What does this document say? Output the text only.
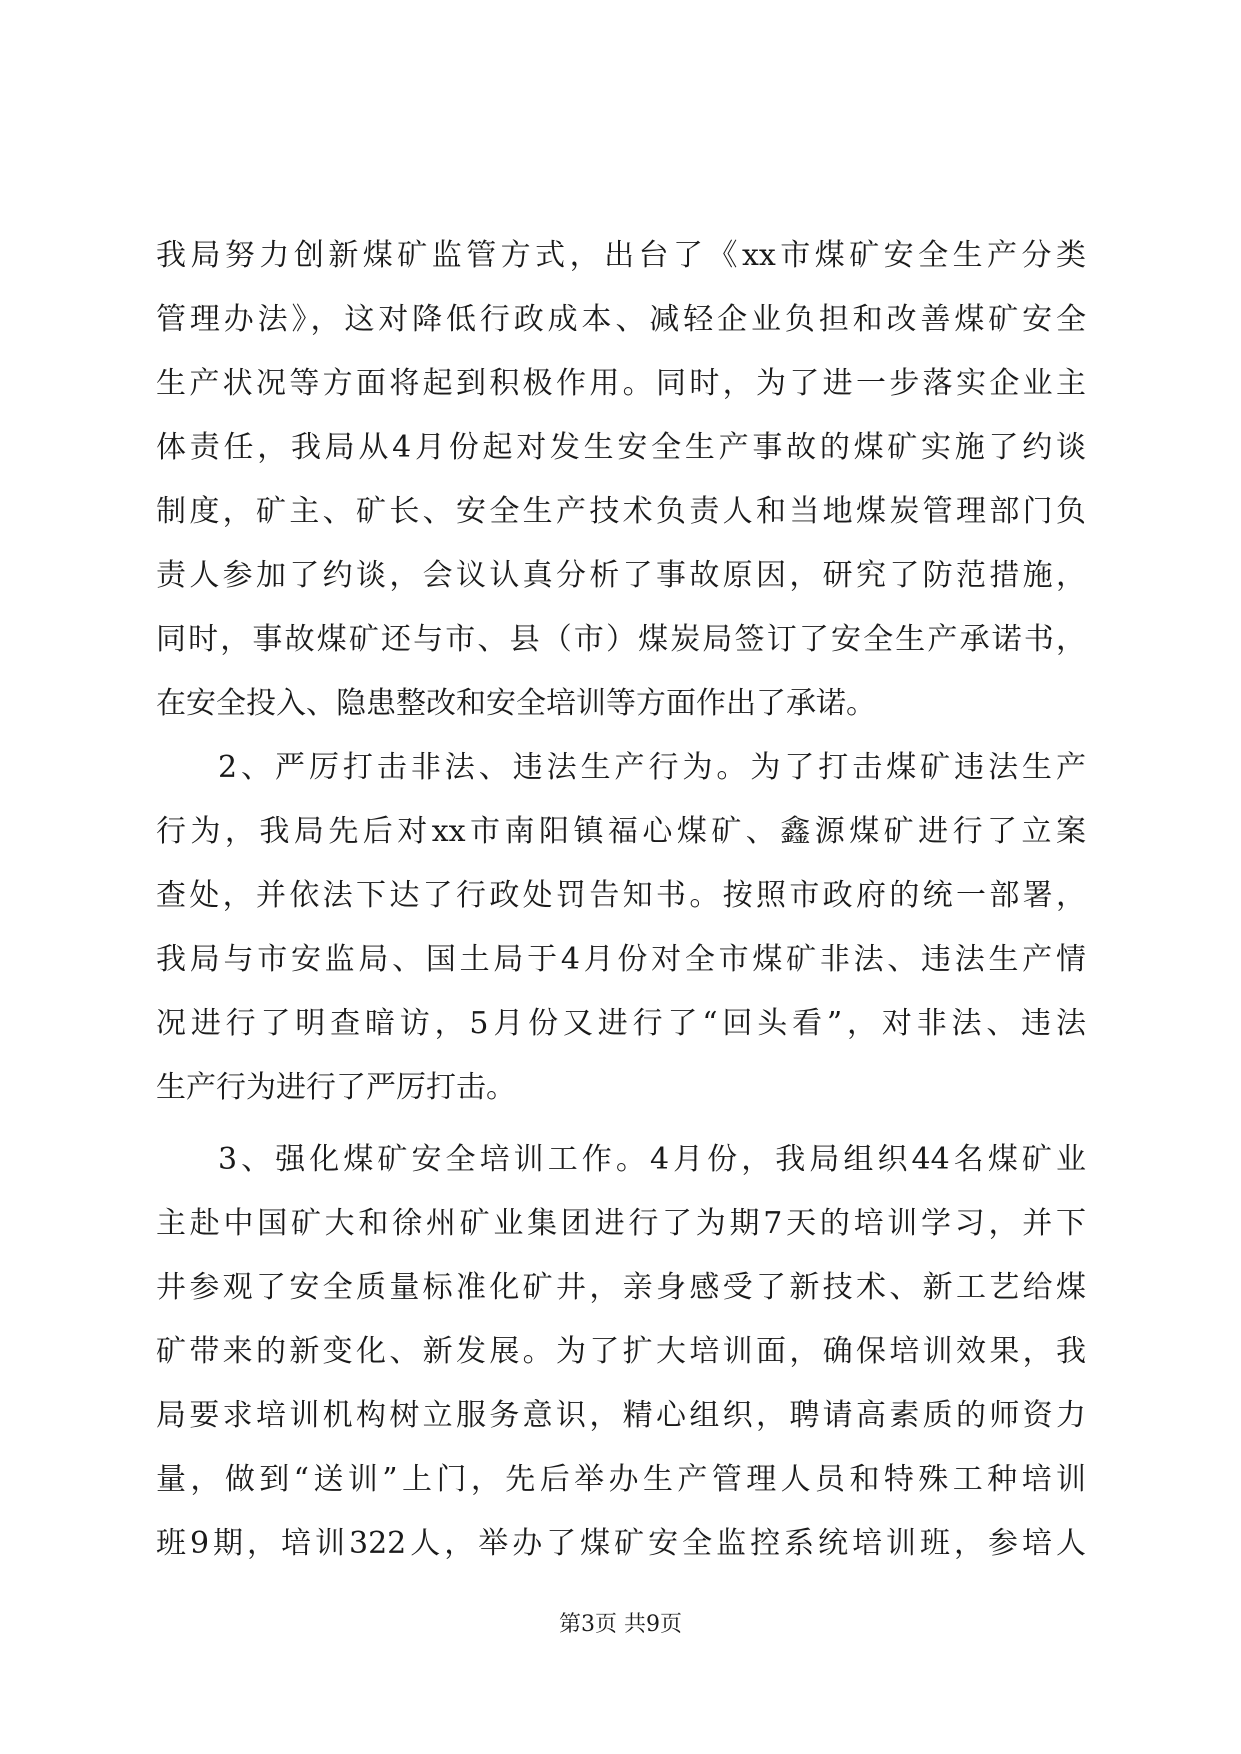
我局努力创新煤矿监管方式，出台了《xx市煤矿安全生产分类
管理办法》，这对降低行政成本、减轻企业负担和改善煤矿安全
生产状况等方面将起到积极作用。同时，为了进一步落实企业主
体责任，我局从4月份起对发生安全生产事故的煤矿实施了约谈
制度，矿主、矿长、安全生产技术负责人和当地煤炭管理部门负
责人参加了约谈，会议认真分析了事故原因，研究了防范措施，
同时，事故煤矿还与市、县（市）煤炭局签订了安全生产承诺书，
在安全投入、隐患整改和安全培训等方面作出了承诺。
2、严厉打击非法、违法生产行为。为了打击煤矿违法生产
行为，我局先后对xx市南阳镇福心煤矿、鑫源煤矿进行了立案
查处，并依法下达了行政处罚告知书。按照市政府的统一部署，
我局与市安监局、国土局于4月份对全市煤矿非法、违法生产情
况进行了明查暗访，5月份又进行了“回头看”，对非法、违法
生产行为进行了严厉打击。
3、强化煤矿安全培训工作。4月份，我局组织44名煤矿业
主赴中国矿大和徐州矿业集团进行了为期7天的培训学习，并下
井参观了安全质量标准化矿井，亲身感受了新技术、新工艺给煤
矿带来的新变化、新发展。为了扩大培训面，确保培训效果，我
局要求培训机构树立服务意识，精心组织，聘请高素质的师资力
量，做到“送训”上门，先后举办生产管理人员和特殊工种培训
班9期，培训322人，举办了煤矿安全监控系统培训班，参培人
第3页 共9页
